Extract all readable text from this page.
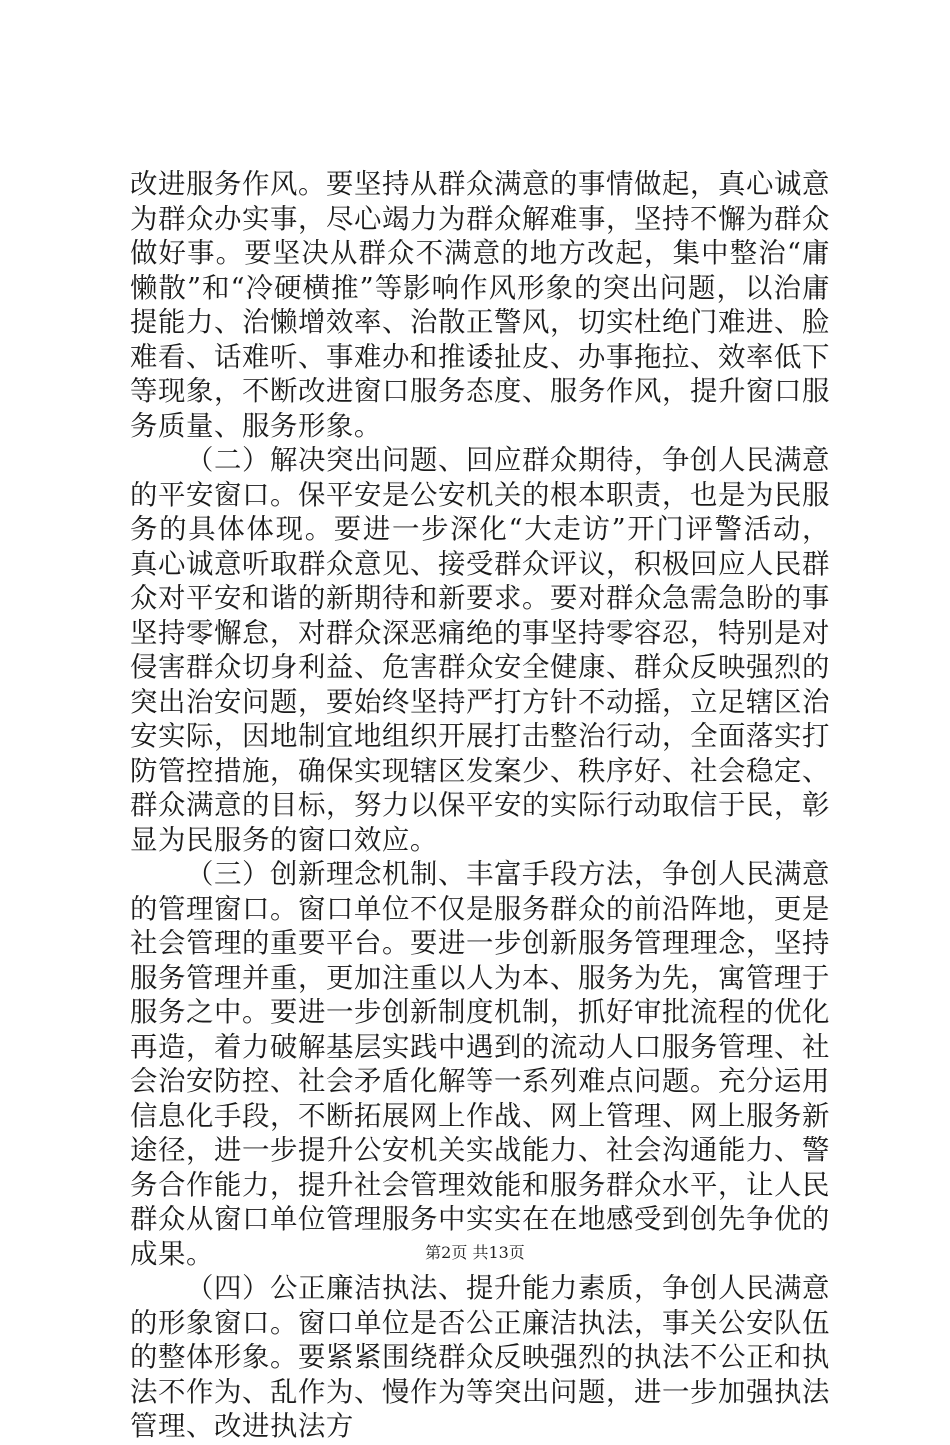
改进服务作风。要坚持从群众满意的事情做起，真心诚意为群众办实事，尽心竭力为群众解难事，坚持不懈为群众做好事。要坚决从群众不满意的地方改起，集中整治“庸懒散”和“冷硬横推”等影响作风形象的突出问题，以治庸提能力、治懒增效率、治散正警风，切实杜绝门难进、脸难看、话难听、事难办和推诿扯皮、办事拖拉、效率低下等现象，不断改进窗口服务态度、服务作风，提升窗口服务质量、服务形象。

（二）解决突出问题、回应群众期待，争创人民满意的平安窗口。保平安是公安机关的根本职责，也是为民服务的具体体现。要进一步深化“大走访”开门评警活动，真心诚意听取群众意见、接受群众评议，积极回应人民群众对平安和谐的新期待和新要求。要对群众急需急盼的事坚持零懈怠，对群众深恶痛绝的事坚持零容忍，特别是对侵害群众切身利益、危害群众安全健康、群众反映强烈的突出治安问题，要始终坚持严打方针不动摇，立足辖区治安实际，因地制宜地组织开展打击整治行动，全面落实打防管控措施，确保实现辖区发案少、秩序好、社会稳定、群众满意的目标，努力以保平安的实际行动取信于民，彰显为民服务的窗口效应。

（三）创新理念机制、丰富手段方法，争创人民满意的管理窗口。窗口单位不仅是服务群众的前沿阵地，更是社会管理的重要平台。要进一步创新服务管理理念，坚持服务管理并重，更加注重以人为本、服务为先，寓管理于服务之中。要进一步创新制度机制，抓好审批流程的优化再造，着力破解基层实践中遇到的流动人口服务管理、社会治安防控、社会矛盾化解等一系列难点问题。充分运用信息化手段，不断拓展网上作战、网上管理、网上服务新途径，进一步提升公安机关实战能力、社会沟通能力、警务合作能力，提升社会管理效能和服务群众水平，让人民群众从窗口单位管理服务中实实在在地感受到创先争优的成果。

（四）公正廉洁执法、提升能力素质，争创人民满意的形象窗口。窗口单位是否公正廉洁执法，事关公安队伍的整体形象。要紧紧围绕群众反映强烈的执法不公正和执法不作为、乱作为、慢作为等突出问题，进一步加强执法管理、改进执法方

第2页 共13页
